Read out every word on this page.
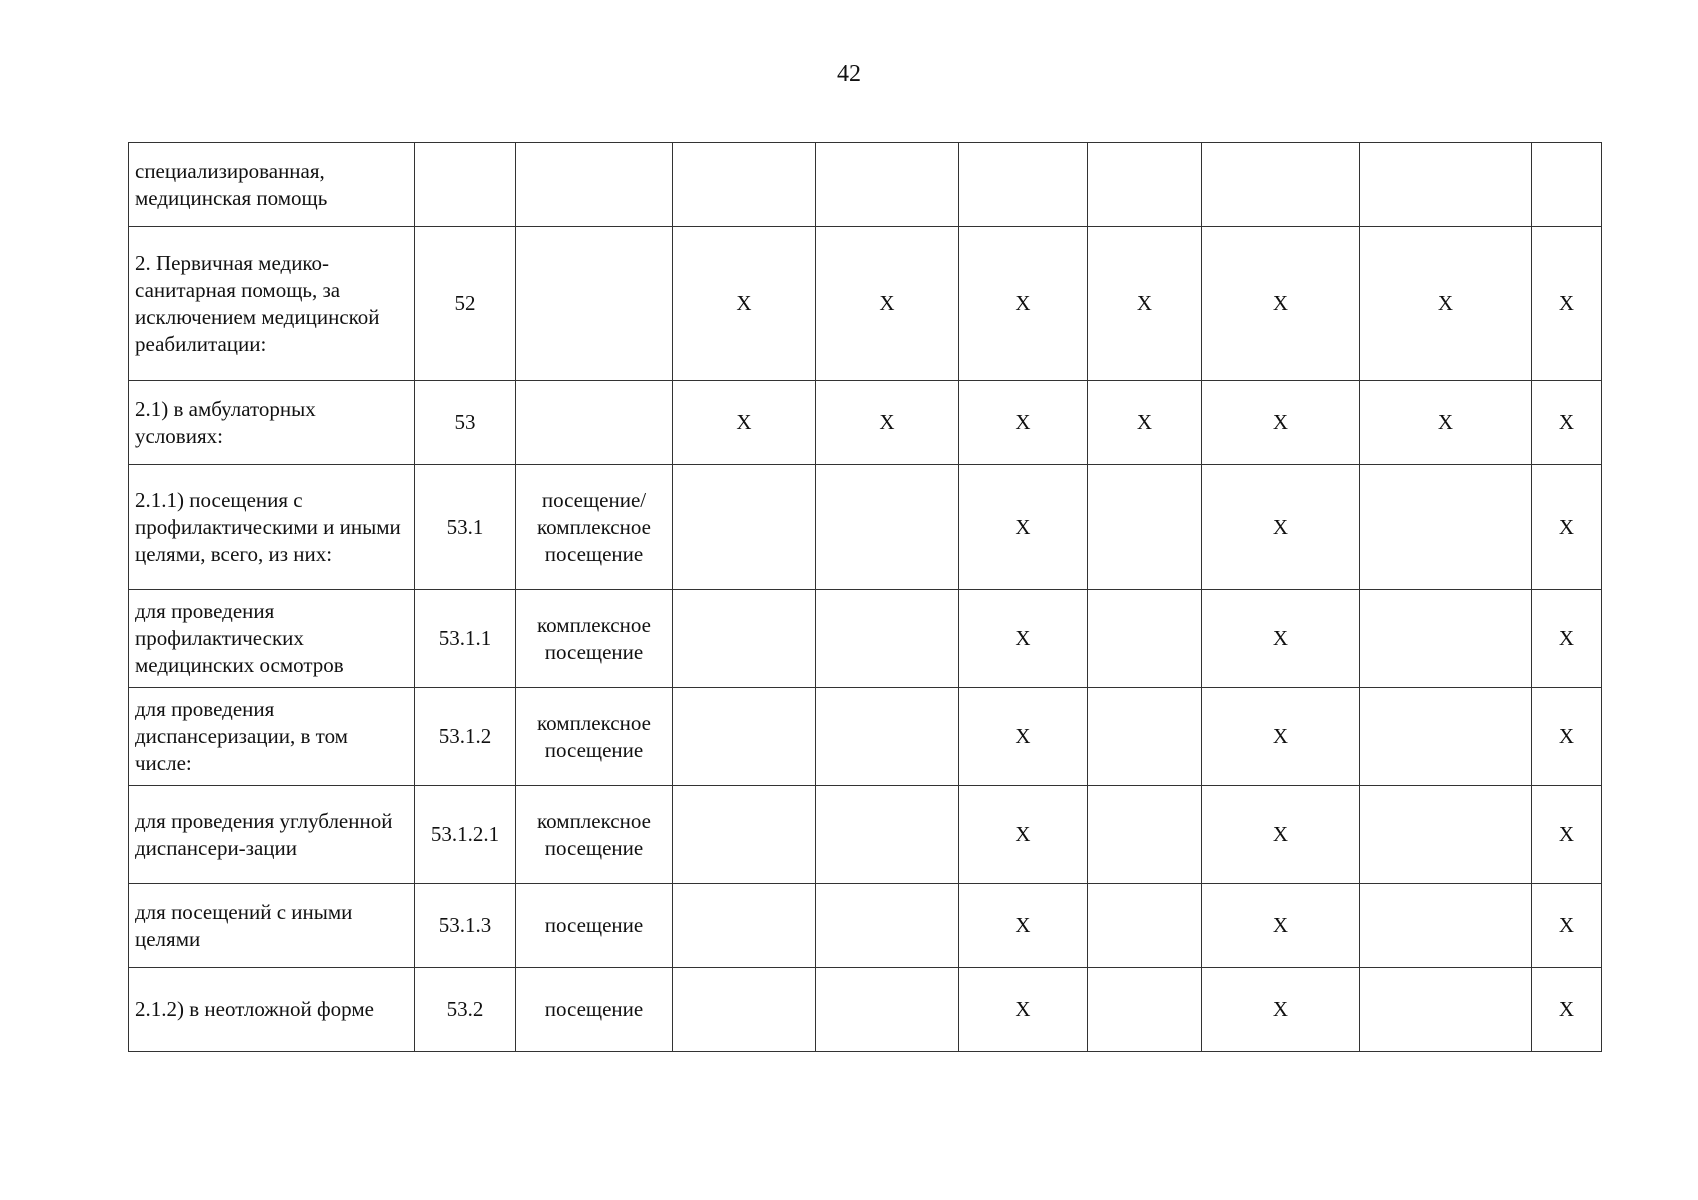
42
специализированная, медицинская помощь									
2. Первичная медико-санитарная помощь, за исключением медицинской реабилитации:	52		X	X	X	X	X	X	X
2.1) в амбулаторных условиях:	53		X	X	X	X	X	X	X
2.1.1) посещения с профилактическими и иными целями, всего, из них:	53.1	посещение/ комплексное посещение			X		X		X
для проведения профилактических медицинских осмотров	53.1.1	комплексное посещение			X		X		X
для проведения диспансеризации, в том числе:	53.1.2	комплексное посещение			X		X		X
для проведения углубленной диспансери-зации	53.1.2.1	комплексное посещение			X		X		X
для посещений с иными целями	53.1.3	посещение			X		X		X
2.1.2) в неотложной форме	53.2	посещение			X		X		X
